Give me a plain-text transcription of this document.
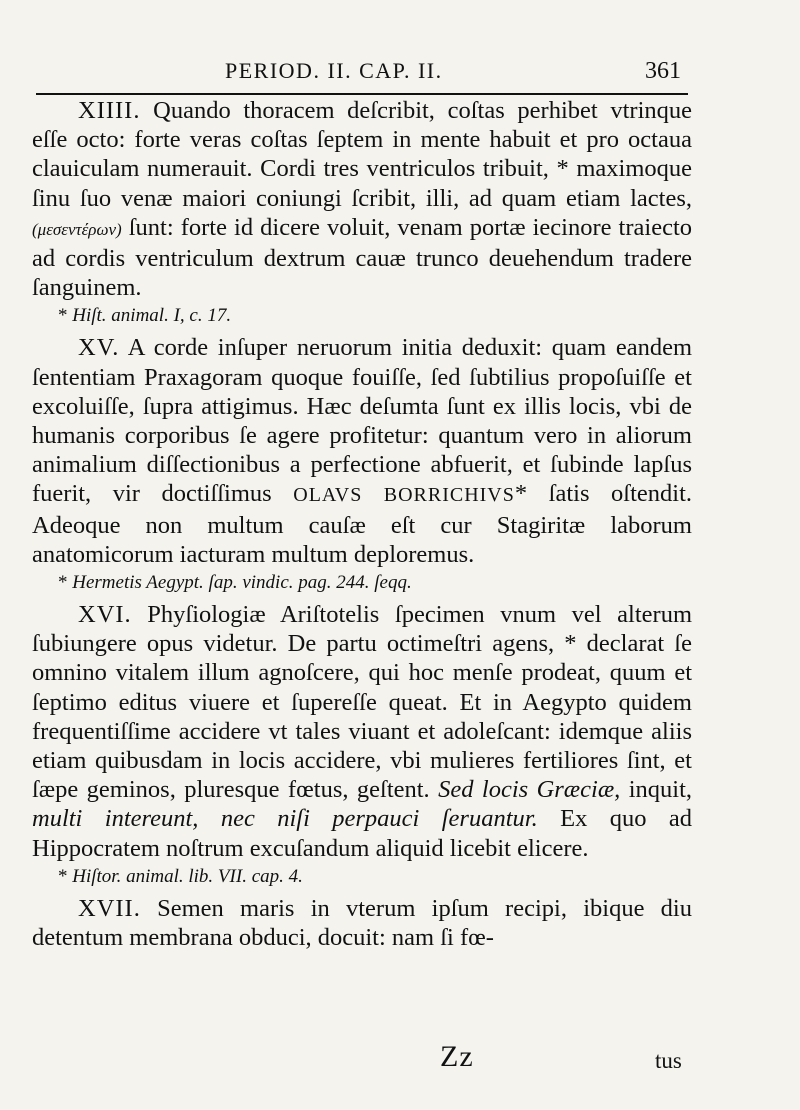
PERIOD. II. CAP. II.	361

XIIII. Quando thoracem deſcribit, coſtas perhibet vtrinque eſſe octo: forte veras coſtas ſeptem in mente habuit et pro octaua clauiculam numerauit. Cordi tres ventriculos tribuit, * maximoque ſinu ſuo venæ maiori coniungi ſcribit, illi, ad quam etiam lactes, (μεσεντέρων) ſunt: forte id dicere voluit, venam portæ iecinore traiecto ad cordis ventriculum dextrum cauæ trunco deuehendum tradere ſanguinem.

* Hiſt. animal. I, c. 17.

XV. A corde inſuper neruorum initia deduxit: quam eandem ſententiam Praxagoram quoque fouiſſe, ſed ſubtilius propoſuiſſe et excoluiſſe, ſupra attigimus. Hæc deſumta ſunt ex illis locis, vbi de humanis corporibus ſe agere profitetur: quantum vero in aliorum animalium diſſectionibus a perfectione abfuerit, et ſubinde lapſus fuerit, vir doctiſſimus OLAVS BORRICHIVS* ſatis oſtendit. Adeoque non multum cauſæ eſt cur Stagiritæ laborum anatomicorum iacturam multum deploremus.

* Hermetis Aegypt. ſap. vindic. pag. 244. ſeqq.

XVI. Phyſiologiæ Ariſtotelis ſpecimen vnum vel alterum ſubiungere opus videtur. De partu octimeſtri agens, * declarat ſe omnino vitalem illum agnoſcere, qui hoc menſe prodeat, quum et ſeptimo editus viuere et ſupereſſe queat. Et in Aegypto quidem frequentiſſime accidere vt tales viuant et adoleſcant: idemque aliis etiam quibusdam in locis accidere, vbi mulieres fertiliores ſint, et ſæpe geminos, pluresque fœtus, geſtent. Sed locis Græciæ, inquit, multi intereunt, nec niſi perpauci ſeruantur. Ex quo ad Hippocratem noſtrum excuſandum aliquid licebit elicere.

* Hiſtor. animal. lib. VII. cap. 4.

XVII. Semen maris in vterum ipſum recipi, ibique diu detentum membrana obduci, docuit: nam ſi fœ-

Zz	tus
